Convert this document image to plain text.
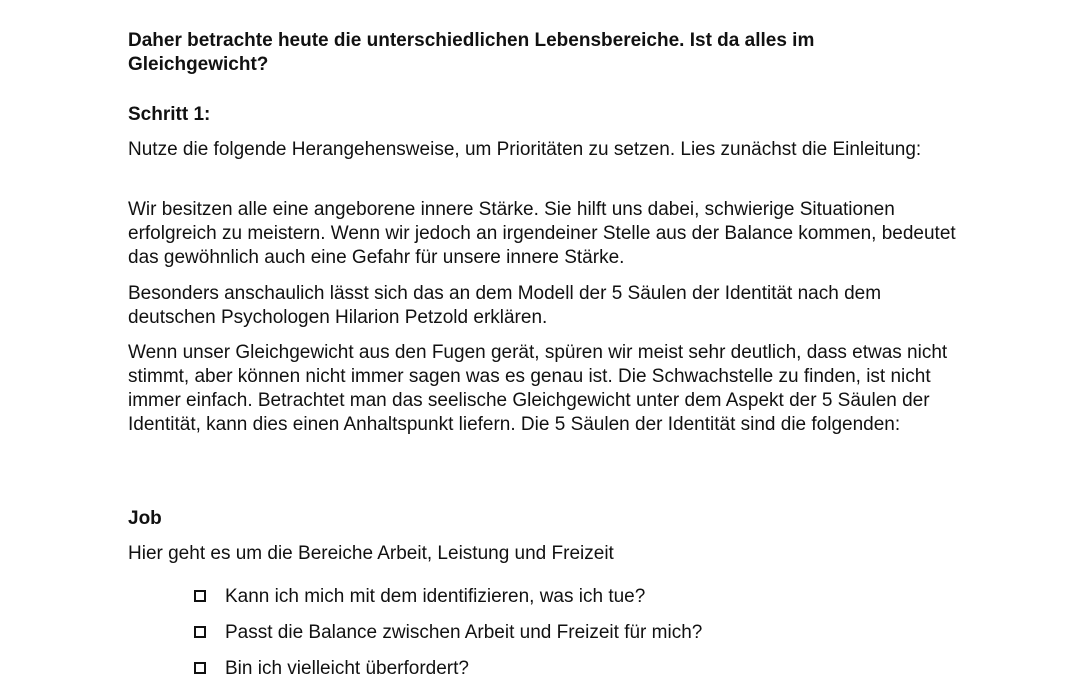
Daher betrachte heute die unterschiedlichen Lebensbereiche. Ist da alles im Gleichgewicht?
Schritt 1:
Nutze die folgende Herangehensweise, um Prioritäten zu setzen. Lies zunächst die Einleitung:
Wir besitzen alle eine angeborene innere Stärke. Sie hilft uns dabei, schwierige Situationen erfolgreich zu meistern. Wenn wir jedoch an irgendeiner Stelle aus der Balance kommen, bedeutet das gewöhnlich auch eine Gefahr für unsere innere Stärke.
Besonders anschaulich lässt sich das an dem Modell der 5 Säulen der Identität nach dem deutschen Psychologen Hilarion Petzold erklären.
Wenn unser Gleichgewicht aus den Fugen gerät, spüren wir meist sehr deutlich, dass etwas nicht stimmt, aber können nicht immer sagen was es genau ist. Die Schwachstelle zu finden, ist nicht immer einfach. Betrachtet man das seelische Gleichgewicht unter dem Aspekt der 5 Säulen der Identität, kann dies einen Anhaltspunkt liefern. Die 5 Säulen der Identität sind die folgenden:
Job
Hier geht es um die Bereiche Arbeit, Leistung und Freizeit
Kann ich mich mit dem identifizieren, was ich tue?
Passt die Balance zwischen Arbeit und Freizeit für mich?
Bin ich vielleicht überfordert?
